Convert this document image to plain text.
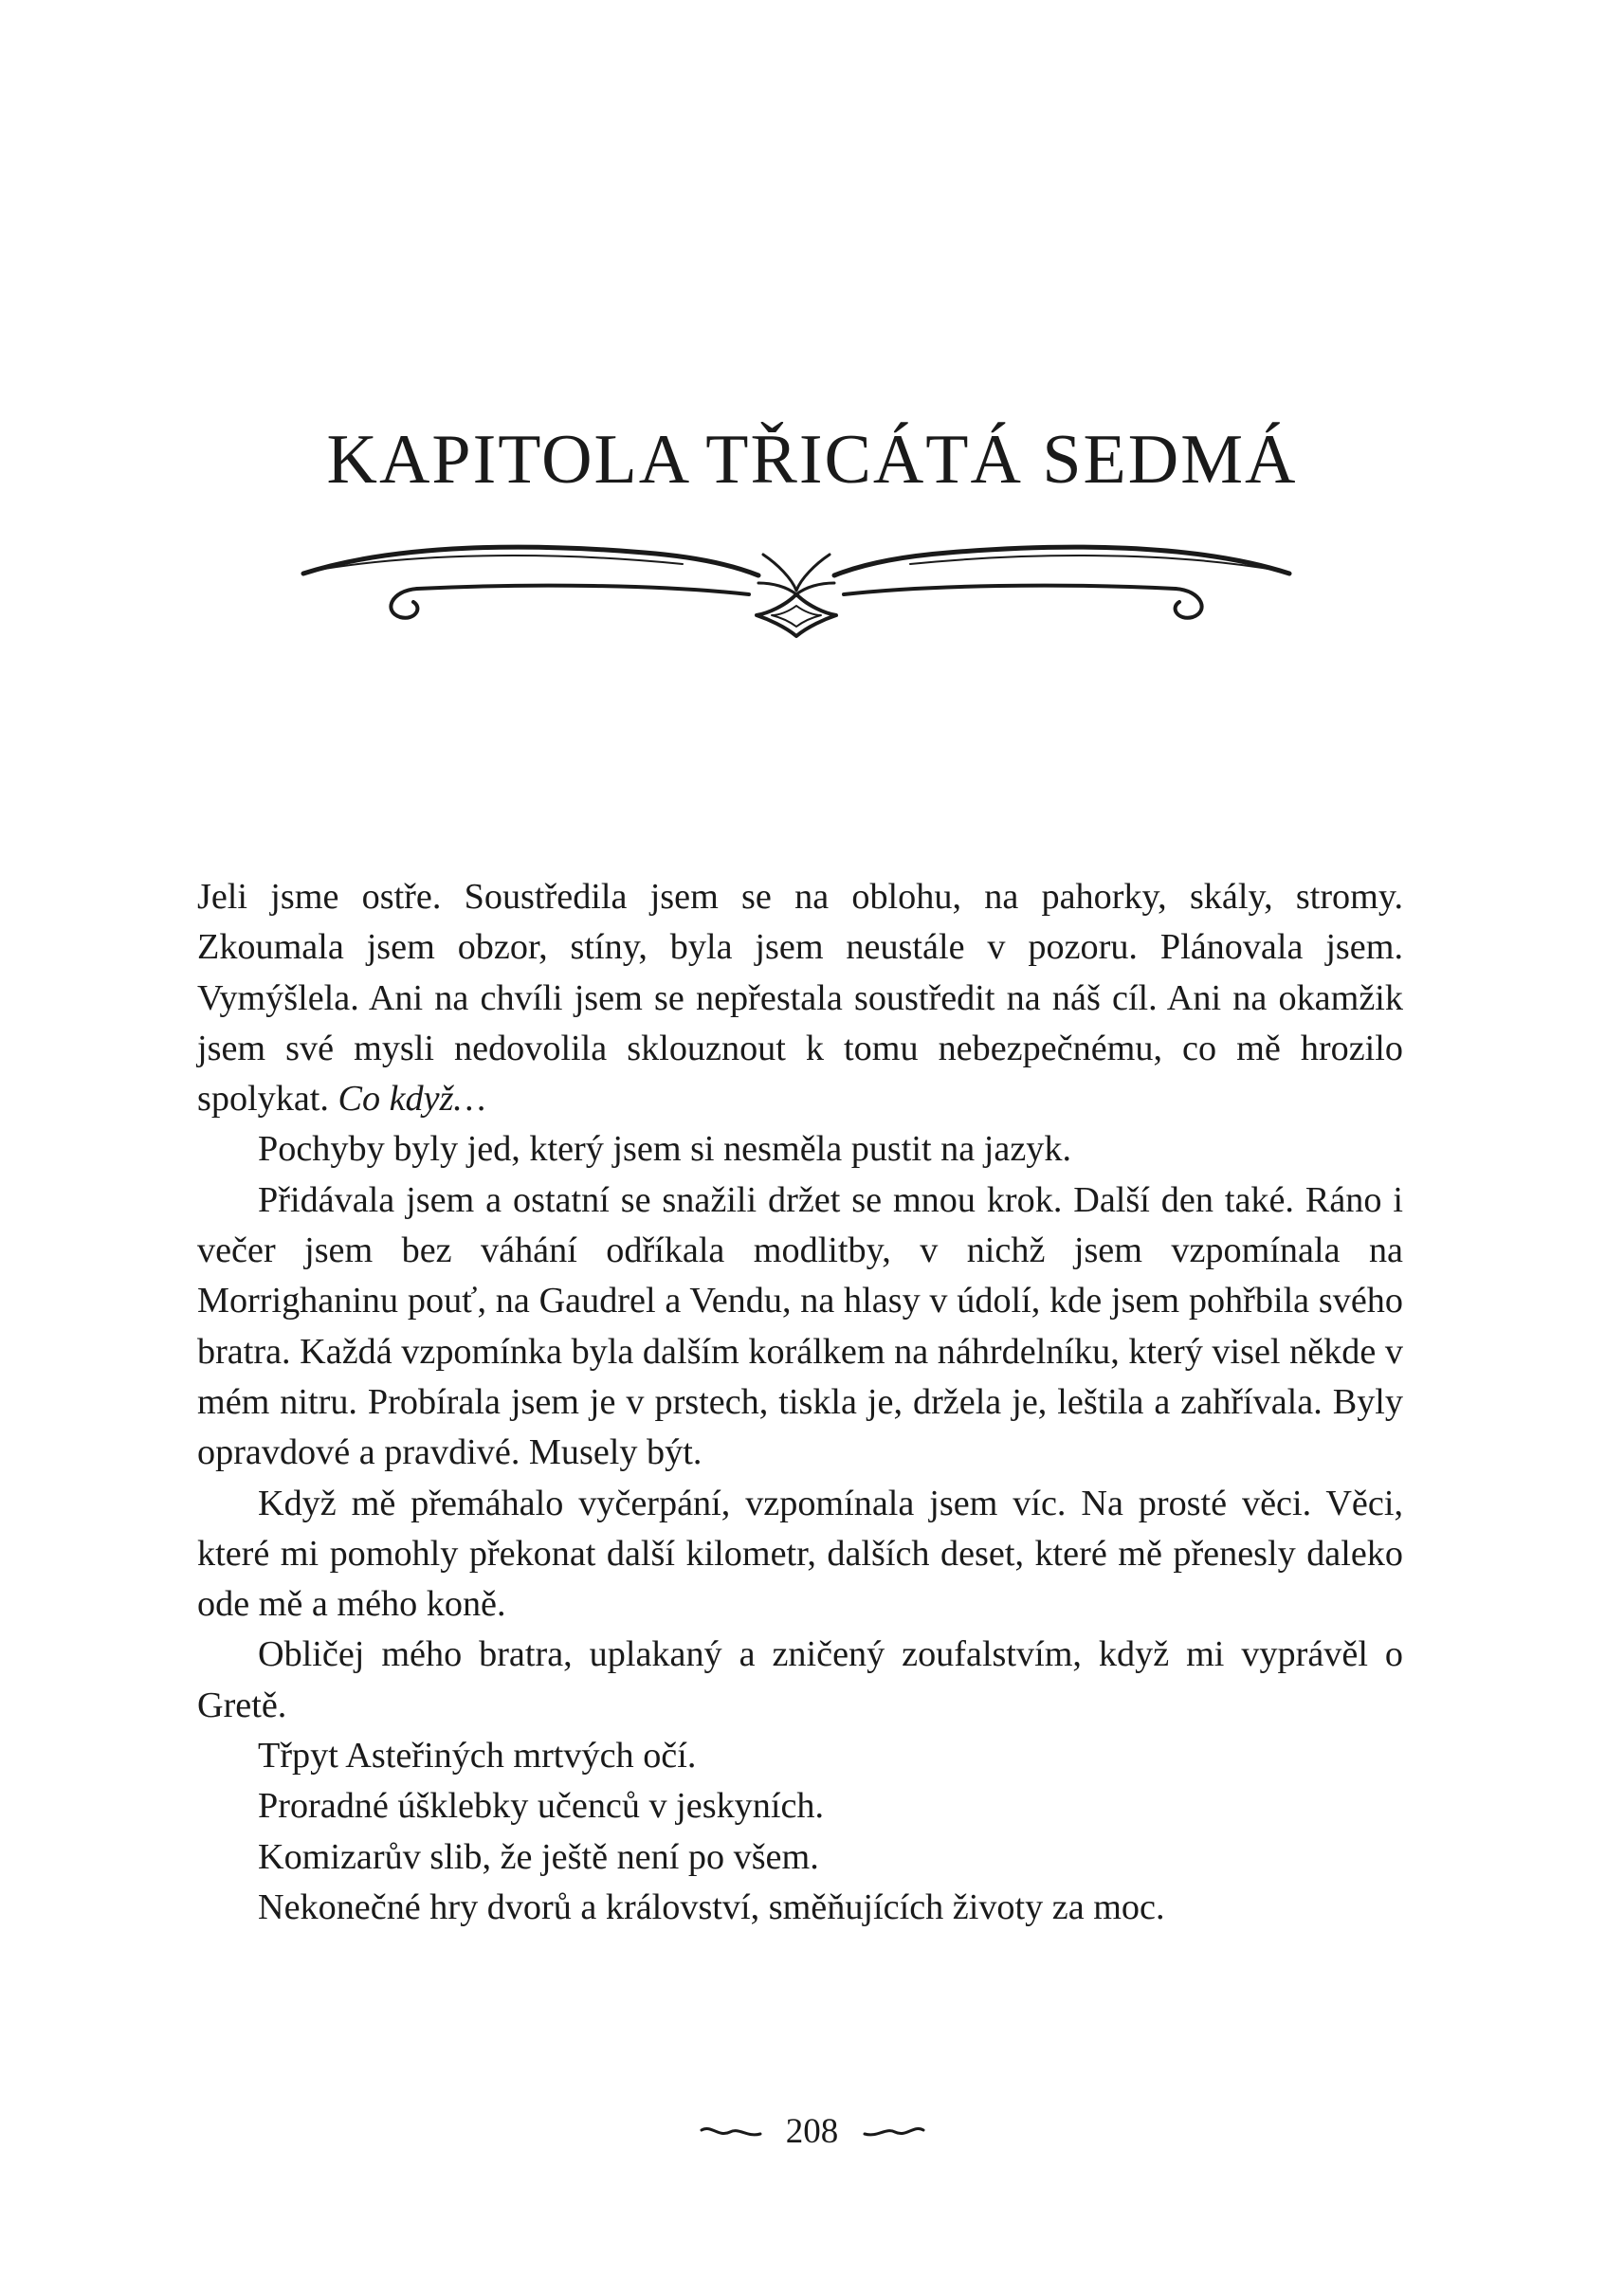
KAPITOLA TŘICÁTÁ SEDMÁ

Jeli jsme ostře. Soustředila jsem se na oblohu, na pahorky, skály, stromy. Zkoumala jsem obzor, stíny, byla jsem neustále v pozoru. Plánovala jsem. Vymýšlela. Ani na chvíli jsem se nepřestala soustředit na náš cíl. Ani na okamžik jsem své mysli nedovolila sklouznout k tomu nebezpečnému, co mě hrozilo spolykat. Co když…

Pochyby byly jed, který jsem si nesměla pustit na jazyk.

Přidávala jsem a ostatní se snažili držet se mnou krok. Další den také. Ráno i večer jsem bez váhání odříkala modlitby, v nichž jsem vzpomínala na Morrighaninu pouť, na Gaudrel a Vendu, na hlasy v údolí, kde jsem pohřbila svého bratra. Každá vzpomínka byla dalším korálkem na náhrdelníku, který visel někde v mém nitru. Probírala jsem je v prstech, tiskla je, držela je, leštila a zahřívala. Byly opravdové a pravdivé. Musely být.

Když mě přemáhalo vyčerpání, vzpomínala jsem víc. Na prosté věci. Věci, které mi pomohly překonat další kilometr, dalších deset, které mě přenesly daleko ode mě a mého koně.

Obličej mého bratra, uplakaný a zničený zoufalstvím, když mi vyprávěl o Gretě.

Třpyt Asteřiných mrtvých očí.

Proradné úšklebky učenců v jeskyních.

Komizarův slib, že ještě není po všem.

Nekonečné hry dvorů a království, směňujících životy za moc.

208
